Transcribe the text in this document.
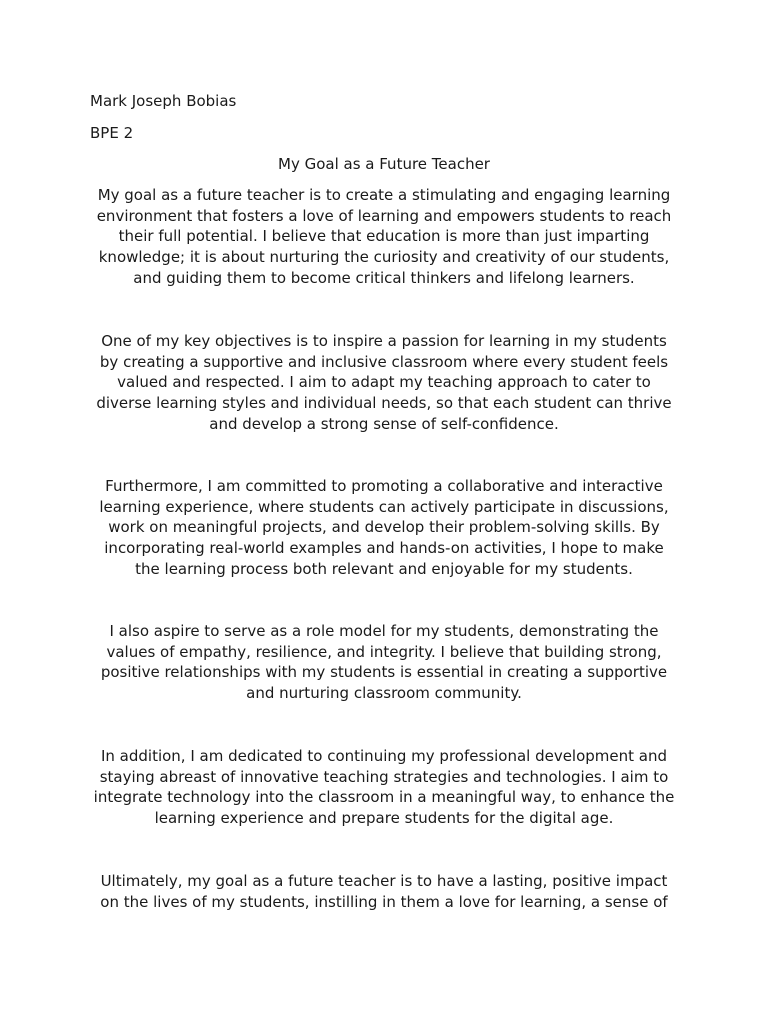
Mark Joseph Bobias
BPE 2
My Goal as a Future Teacher

My goal as a future teacher is to create a stimulating and engaging learning
environment that fosters a love of learning and empowers students to reach
their full potential. I believe that education is more than just imparting
knowledge; it is about nurturing the curiosity and creativity of our students,
and guiding them to become critical thinkers and lifelong learners.

One of my key objectives is to inspire a passion for learning in my students
by creating a supportive and inclusive classroom where every student feels
valued and respected. I aim to adapt my teaching approach to cater to
diverse learning styles and individual needs, so that each student can thrive
and develop a strong sense of self-confidence.

Furthermore, I am committed to promoting a collaborative and interactive
learning experience, where students can actively participate in discussions,
work on meaningful projects, and develop their problem-solving skills. By
incorporating real-world examples and hands-on activities, I hope to make
the learning process both relevant and enjoyable for my students.

I also aspire to serve as a role model for my students, demonstrating the
values of empathy, resilience, and integrity. I believe that building strong,
positive relationships with my students is essential in creating a supportive
and nurturing classroom community.

In addition, I am dedicated to continuing my professional development and
staying abreast of innovative teaching strategies and technologies. I aim to
integrate technology into the classroom in a meaningful way, to enhance the
learning experience and prepare students for the digital age.

Ultimately, my goal as a future teacher is to have a lasting, positive impact
on the lives of my students, instilling in them a love for learning, a sense of
